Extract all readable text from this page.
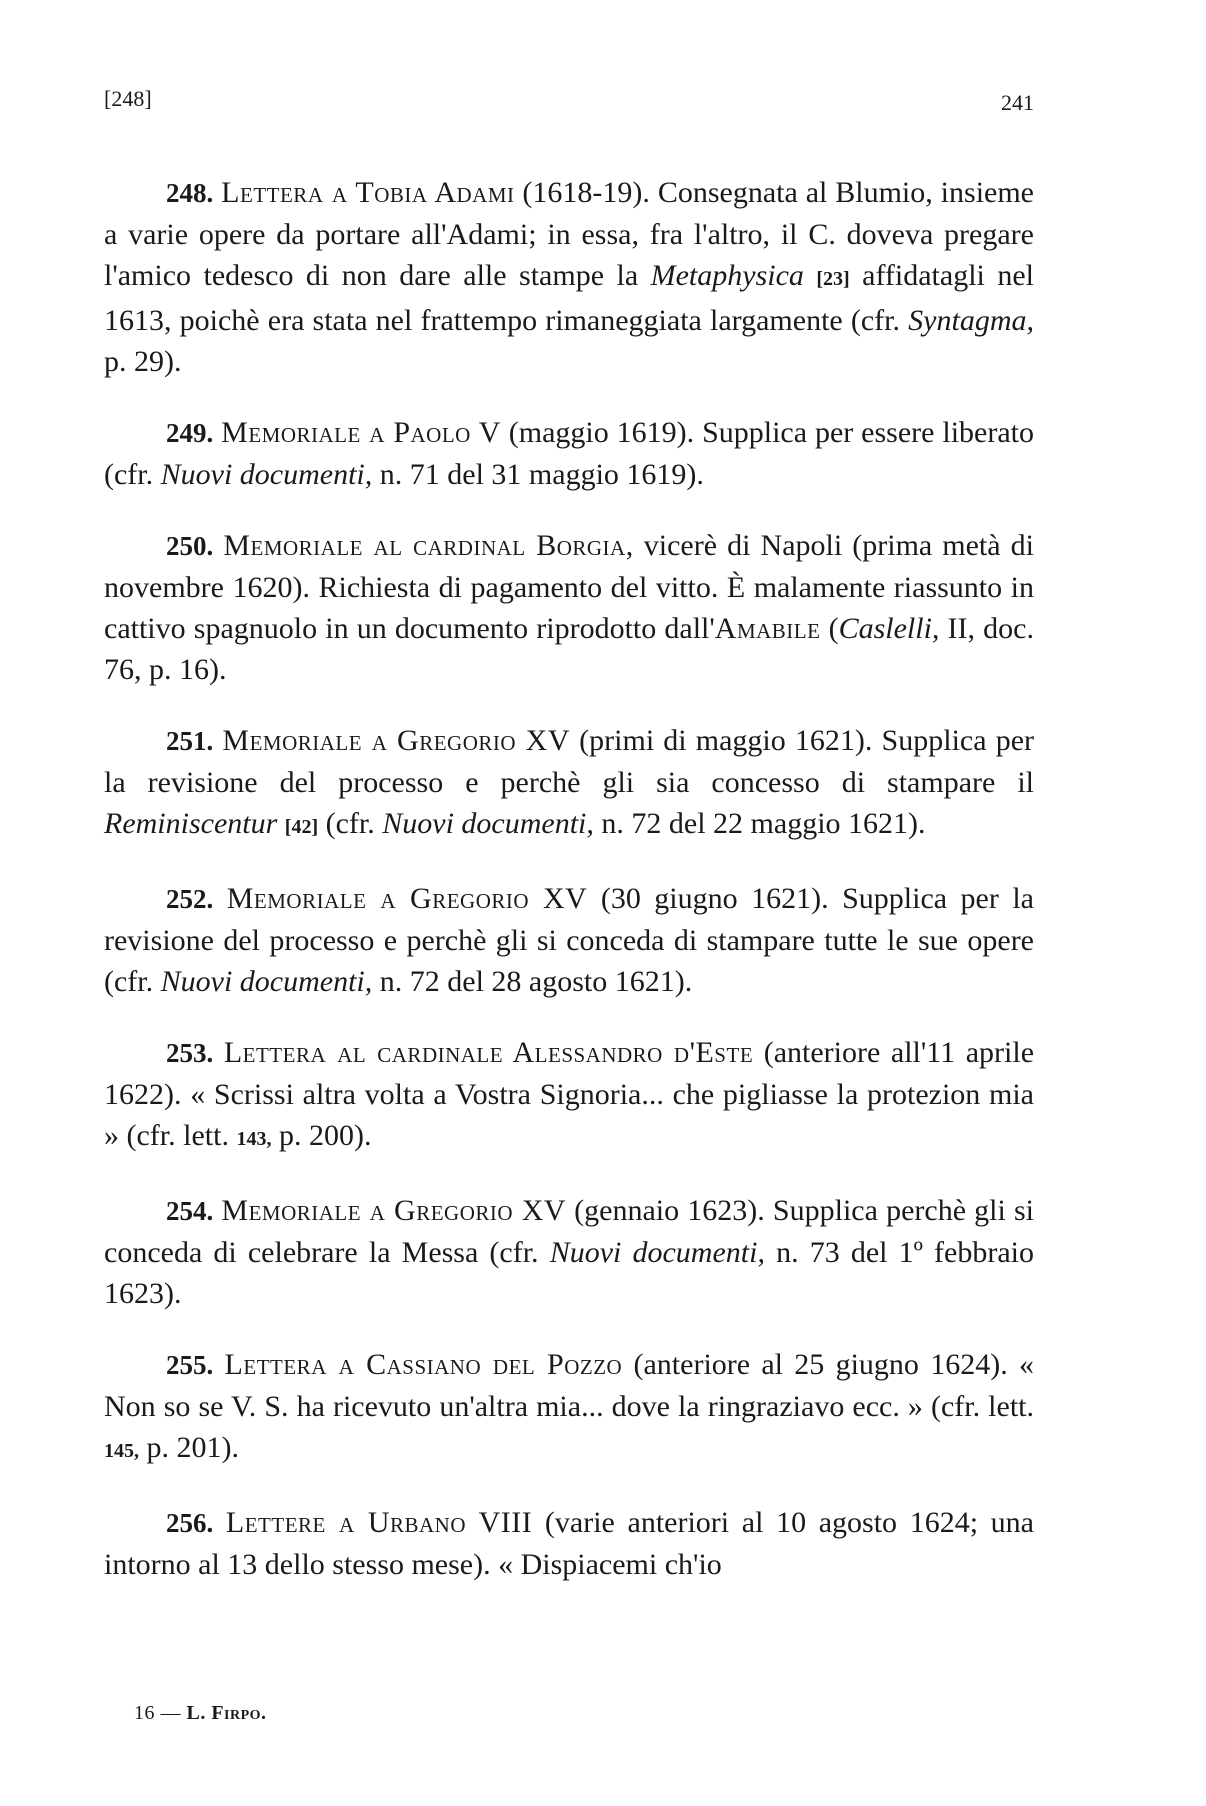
[248]	241

248. Lettera a Tobia Adami (1618-19). Consegnata al Blumio, insieme a varie opere da portare all'Adami; in essa, fra l'altro, il C. doveva pregare l'amico tedesco di non dare alle stampe la Metaphysica [23] affidatagli nel 1613, poichè era stata nel frattempo rimaneggiata largamente (cfr. Syntagma, p. 29).

249. Memoriale a Paolo V (maggio 1619). Supplica per essere liberato (cfr. Nuovi documenti, n. 71 del 31 maggio 1619).

250. Memoriale al cardinal Borgia, vicerè di Napoli (prima metà di novembre 1620). Richiesta di pagamento del vitto. È malamente riassunto in cattivo spagnuolo in un documento riprodotto dall'Amabile (Caslelli, II, doc. 76, p. 16).

251. Memoriale a Gregorio XV (primi di maggio 1621). Supplica per la revisione del processo e perchè gli sia concesso di stampare il Reminiscentur [42] (cfr. Nuovi documenti, n. 72 del 22 maggio 1621).

252. Memoriale a Gregorio XV (30 giugno 1621). Supplica per la revisione del processo e perchè gli si conceda di stampare tutte le sue opere (cfr. Nuovi documenti, n. 72 del 28 agosto 1621).

253. Lettera al cardinale Alessandro d'Este (anteriore all'11 aprile 1622). « Scrissi altra volta a Vostra Signoria... che pigliasse la protezion mia » (cfr. lett. 143, p. 200).

254. Memoriale a Gregorio XV (gennaio 1623). Supplica perchè gli si conceda di celebrare la Messa (cfr. Nuovi documenti, n. 73 del 1º febbraio 1623).

255. Lettera a Cassiano del Pozzo (anteriore al 25 giugno 1624). « Non so se V. S. ha ricevuto un'altra mia... dove la ringraziavo ecc. » (cfr. lett. 145, p. 201).

256. Lettere a Urbano VIII (varie anteriori al 10 agosto 1624; una intorno al 13 dello stesso mese). « Dispiacemi ch'io

16 — L. Firpo.
